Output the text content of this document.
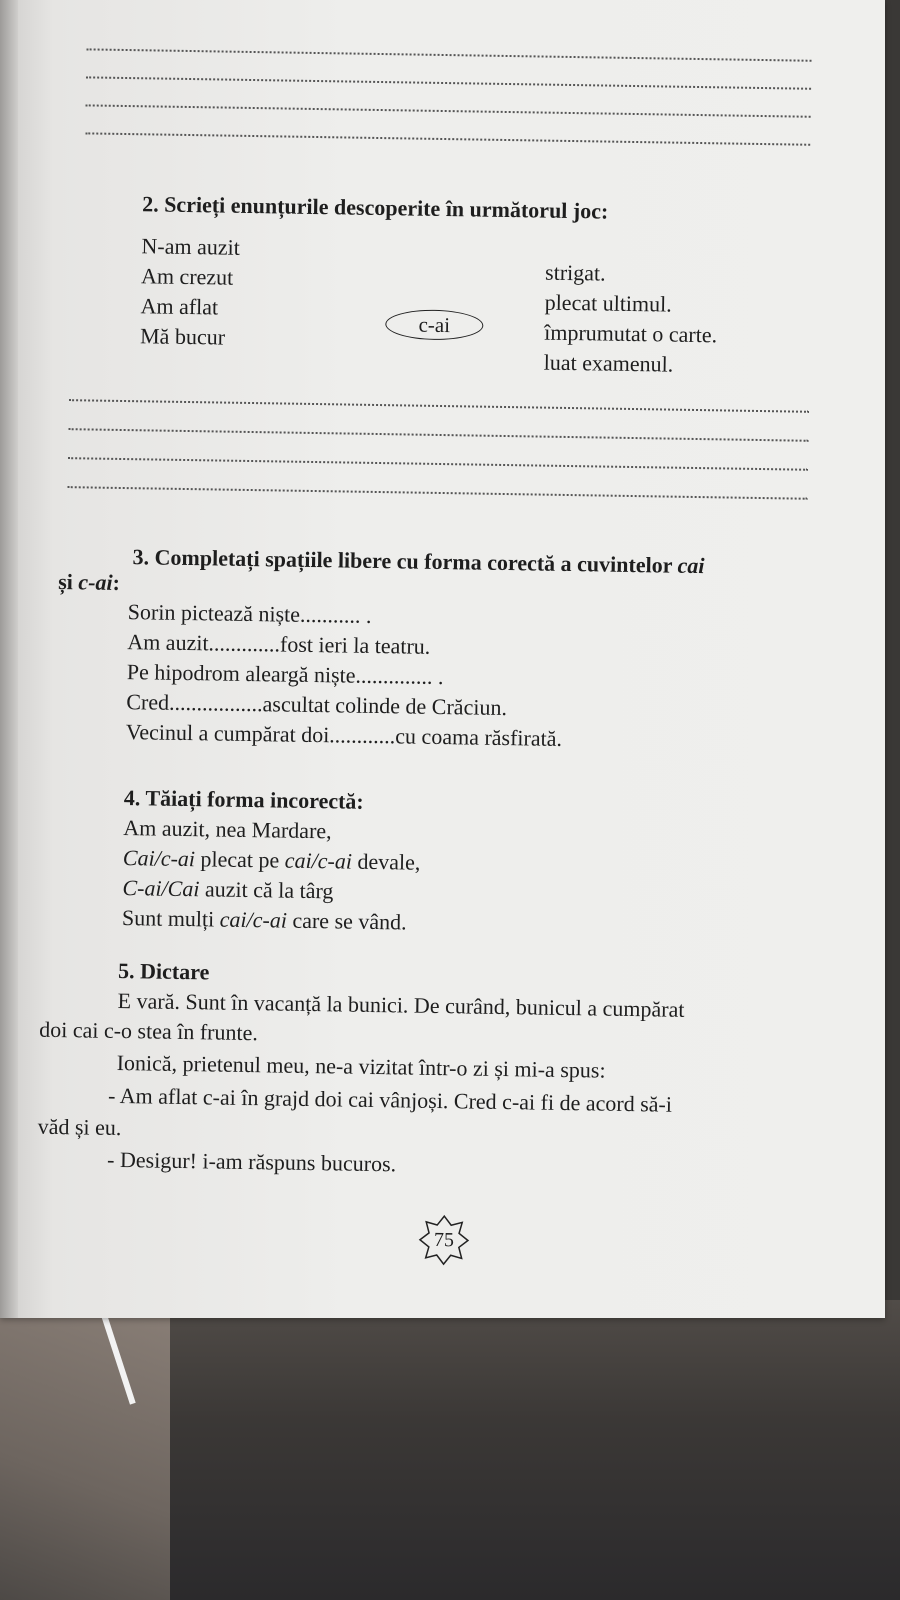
2. Scrieți enunțurile descoperite în următorul joc:
N-am auzit
Am crezut
Am aflat
Mă bucur	c-ai
strigat.
plecat ultimul.
împrumutat o carte.
luat examenul.
3. Completați spațiile libere cu forma corectă a cuvintelor cai
și c-ai:
Sorin pictează niște........... .
Am auzit.............fost ieri la teatru.
Pe hipodrom aleargă niște.............. .
Cred.................ascultat colinde de Crăciun.
Vecinul a cumpărat doi............cu coama răsfirată.
4. Tăiați forma incorectă:
Am auzit, nea Mardare,
Cai/c-ai plecat pe cai/c-ai devale,
C-ai/Cai auzit că la târg
Sunt mulți cai/c-ai care se vând.
5. Dictare
E vară. Sunt în vacanță la bunici. De curând, bunicul a cumpărat
doi cai c-o stea în frunte.
Ionică, prietenul meu, ne-a vizitat într-o zi și mi-a spus:
- Am aflat c-ai în grajd doi cai vânjoși. Cred c-ai fi de acord să-i
văd și eu.
- Desigur! i-am răspuns bucuros.
75
